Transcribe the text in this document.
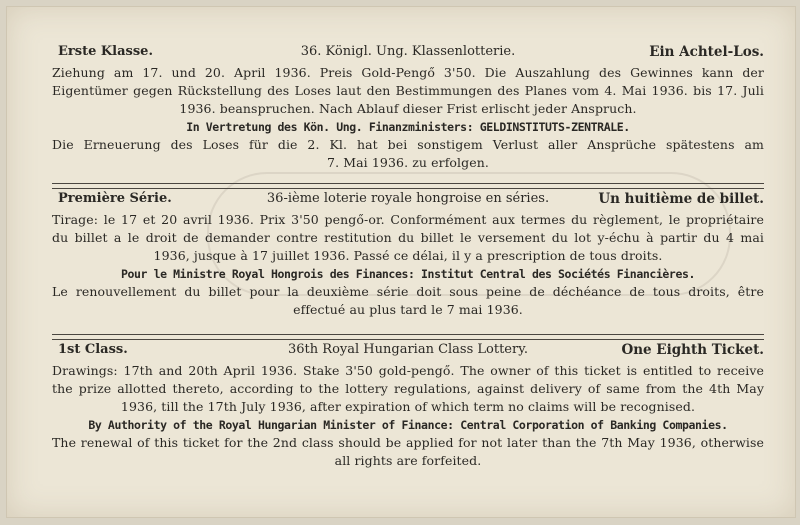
Erste Klasse.	36. Königl. Ung. Klassenlotterie.	Ein Achtel-Los.
Ziehung am 17. und 20. April 1936. Preis Gold-Pengő 3'50. Die Auszahlung des Gewinnes kann der
Eigentümer gegen Rückstellung des Loses laut den Bestimmungen des Planes vom 4. Mai 1936. bis 17. Juli
1936. beanspruchen. Nach Ablauf dieser Frist erlischt jeder Anspruch.
In Vertretung des Kön. Ung. Finanzministers: GELDINSTITUTS-ZENTRALE.
Die Erneuerung des Loses für die 2. Kl. hat bei sonstigem Verlust aller Ansprüche spätestens am
7. Mai 1936. zu erfolgen.
Première Série.	36-ième loterie royale hongroise en séries.	Un huitième de billet.
Tirage: le 17 et 20 avril 1936. Prix 3'50 pengő-or. Conformément aux termes du règlement, le propriétaire
du billet a le droit de demander contre restitution du billet le versement du lot y-échu à partir du 4 mai
1936, jusque à 17 juillet 1936. Passé ce délai, il y a prescription de tous droits.
Pour le Ministre Royal Hongrois des Finances: Institut Central des Sociétés Financières.
Le renouvellement du billet pour la deuxième série doit sous peine de déchéance de tous droits, être
effectué au plus tard le 7 mai 1936.
1st Class.	36th Royal Hungarian Class Lottery.	One Eighth Ticket.
Drawings: 17th and 20th April 1936. Stake 3'50 gold-pengő. The owner of this ticket is entitled to receive
the prize allotted thereto, according to the lottery regulations, against delivery of same from the 4th May
1936, till the 17th July 1936, after expiration of which term no claims will be recognised.
By Authority of the Royal Hungarian Minister of Finance: Central Corporation of Banking Companies.
The renewal of this ticket for the 2nd class should be applied for not later than the 7th May 1936, otherwise
all rights are forfeited.
